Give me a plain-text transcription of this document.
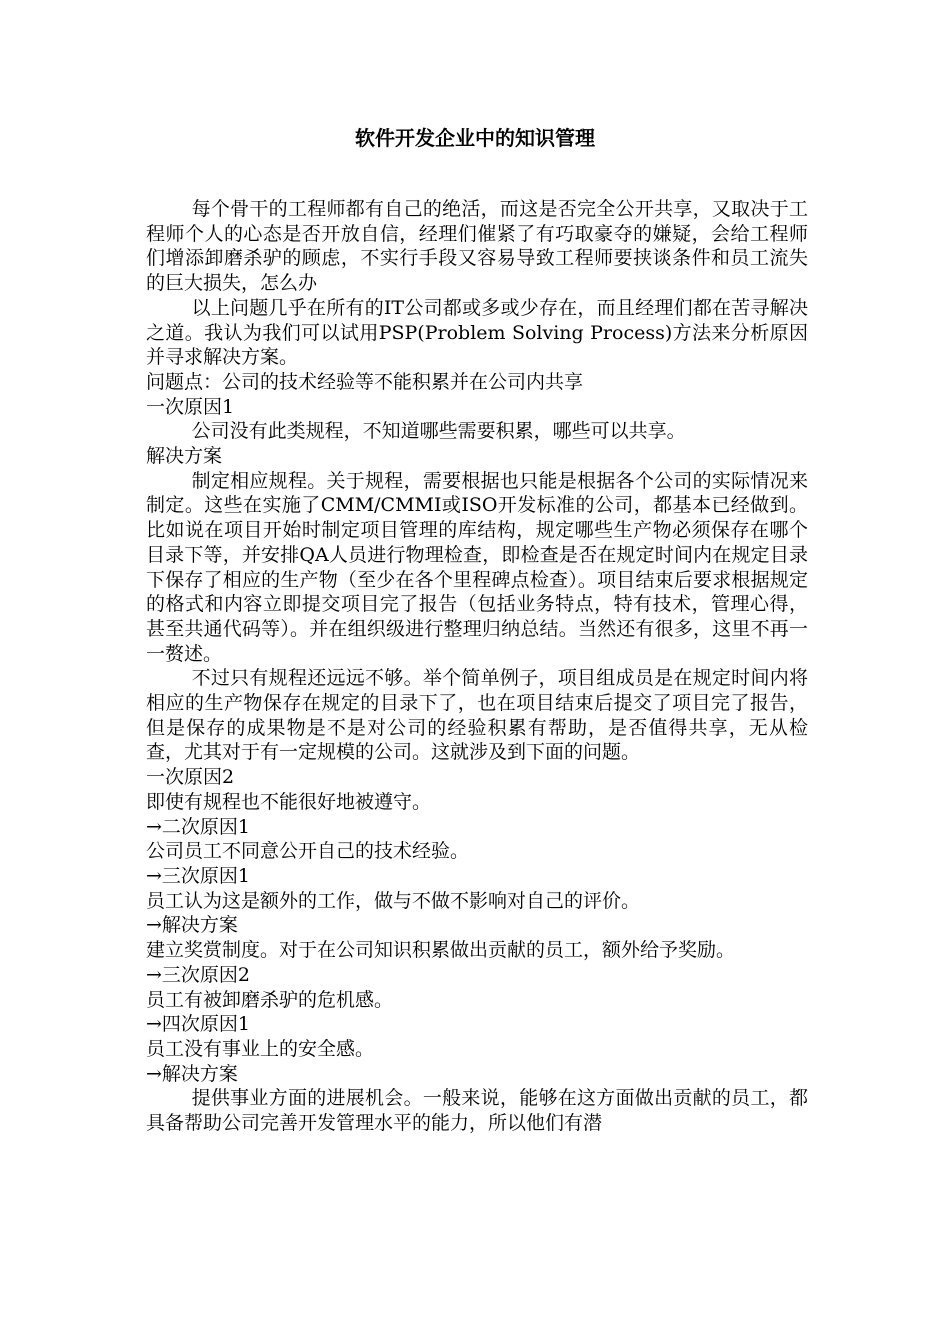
软件开发企业中的知识管理

每个骨干的工程师都有自己的绝活，而这是否完全公开共享，又取决于工程师个人的心态是否开放自信，经理们催紧了有巧取豪夺的嫌疑，会给工程师们增添卸磨杀驴的顾虑，不实行手段又容易导致工程师要挟谈条件和员工流失的巨大损失，怎么办

以上问题几乎在所有的IT公司都或多或少存在，而且经理们都在苦寻解决之道。我认为我们可以试用PSP(Problem Solving Process)方法来分析原因并寻求解决方案。

问题点：公司的技术经验等不能积累并在公司内共享

一次原因1

公司没有此类规程，不知道哪些需要积累，哪些可以共享。

解决方案

制定相应规程。关于规程，需要根据也只能是根据各个公司的实际情况来制定。这些在实施了CMM/CMMI或ISO开发标准的公司，都基本已经做到。比如说在项目开始时制定项目管理的库结构，规定哪些生产物必须保存在哪个目录下等，并安排QA人员进行物理检查，即检查是否在规定时间内在规定目录下保存了相应的生产物（至少在各个里程碑点检查）。项目结束后要求根据规定的格式和内容立即提交项目完了报告（包括业务特点，特有技术，管理心得，甚至共通代码等）。并在组织级进行整理归纳总结。当然还有很多，这里不再一一赘述。

不过只有规程还远远不够。举个简单例子，项目组成员是在规定时间内将相应的生产物保存在规定的目录下了，也在项目结束后提交了项目完了报告，但是保存的成果物是不是对公司的经验积累有帮助，是否值得共享，无从检查，尤其对于有一定规模的公司。这就涉及到下面的问题。

一次原因2

即使有规程也不能很好地被遵守。

→二次原因1

公司员工不同意公开自己的技术经验。

→三次原因1

员工认为这是额外的工作，做与不做不影响对自己的评价。

→解决方案

建立奖赏制度。对于在公司知识积累做出贡献的员工，额外给予奖励。

→三次原因2

员工有被卸磨杀驴的危机感。

→四次原因1

员工没有事业上的安全感。

→解决方案

提供事业方面的进展机会。一般来说，能够在这方面做出贡献的员工，都具备帮助公司完善开发管理水平的能力，所以他们有潜
